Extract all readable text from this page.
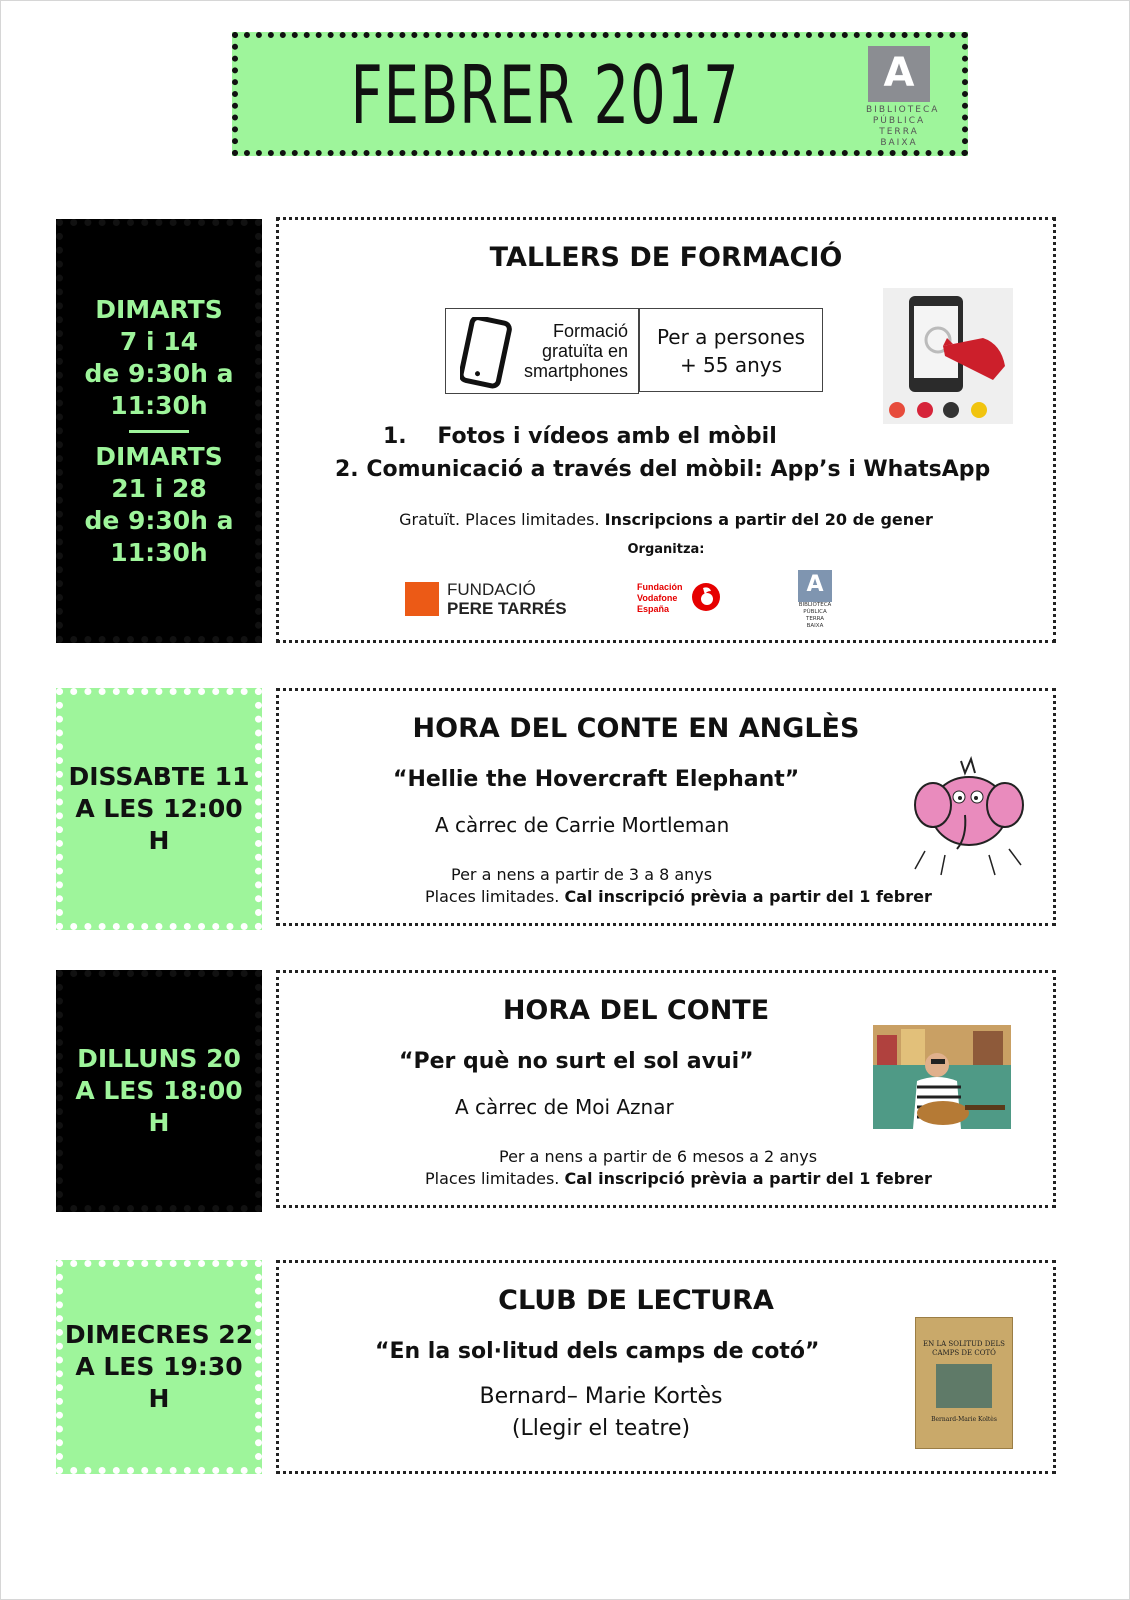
FEBRER 2017	A
BIBLIOTECA PÚBLICA TERRA BAIXA
DIMARTS
7 i 14
de 9:30h a
11:30h
DIMARTS
21 i 28
de 9:30h a
11:30h
TALLERS DE FORMACIÓ
Formació
gratuïta en
smartphones
Per a persones
+ 55 anys
1. Fotos i vídeos amb el mòbil
2. Comunicació a través del mòbil: App’s i WhatsApp
Gratuït. Places limitades. Inscripcions a partir del 20 de gener
Organitza:
FUNDACIÓ
PERE TARRÉS
Fundación
Vodafone
España
A
BIBLIOTECA
PÚBLICA
TERRA BAIXA
DISSABTE 11
A LES 12:00 H
HORA DEL CONTE EN ANGLÈS
“Hellie the Hovercraft Elephant”
A càrrec de Carrie Mortleman
Per a nens a partir de 3 a 8 anys
Places limitades. Cal inscripció prèvia a partir del 1 febrer
DILLUNS 20
A LES 18:00 H
HORA DEL CONTE
“Per què no surt el sol avui”
A càrrec de Moi Aznar
Per a nens a partir de 6 mesos a 2 anys
Places limitades. Cal inscripció prèvia a partir del 1 febrer
DIMECRES 22
A LES 19:30 H
CLUB DE LECTURA
“En la sol·litud dels camps de cotó”
Bernard– Marie Kortès
(Llegir el teatre)
EN LA SOLITUD DELS
CAMPS DE COTÓ
Bernard-Marie Koltès
